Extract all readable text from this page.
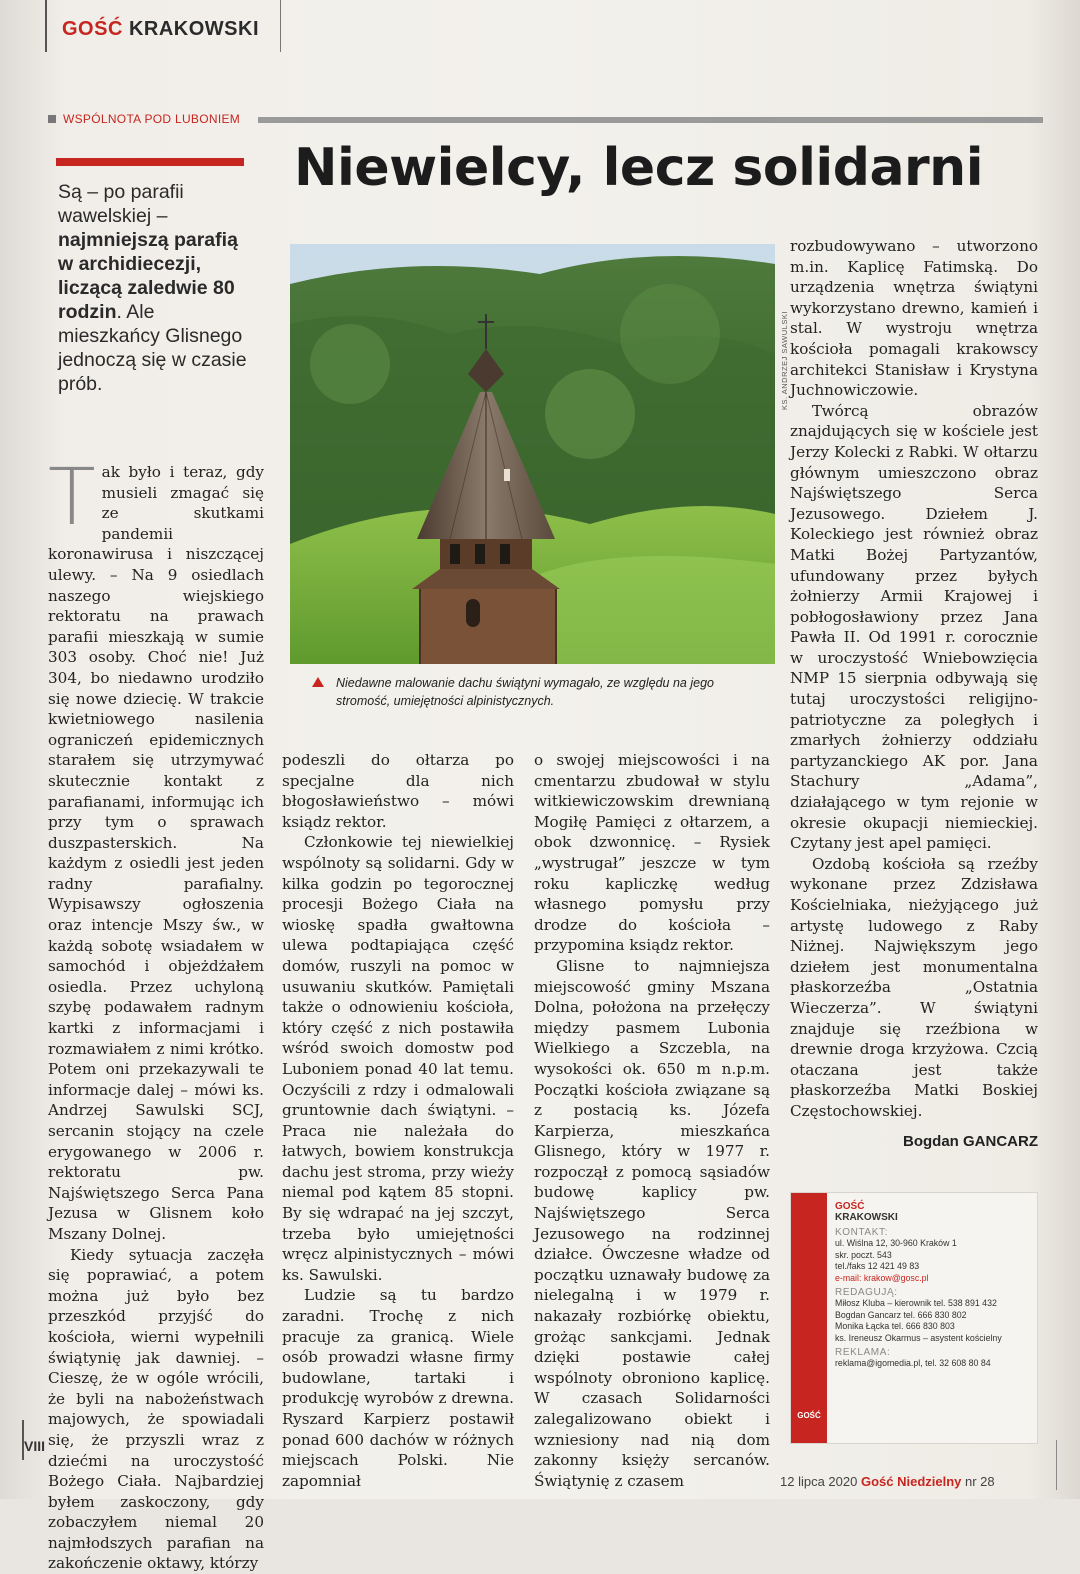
GOŚĆ KRAKOWSKI
WSPÓLNOTA POD LUBONIEM
Niewielcy, lecz solidarni
Są – po parafii wawelskiej – najmniejszą parafią w archidiecezji, liczącą zaledwie 80 rodzin. Ale mieszkańcy Glisnego jednoczą się w czasie prób.	KS. ANDRZEJ SAWULSKI
Niedawne malowanie dachu świątyni wymagało, ze względu na jego stromość, umiejętności alpinistycznych.

Tak było i teraz, gdy musieli zmagać się ze skutkami pandemii koronawirusa i niszczącej ulewy. – Na 9 osiedlach naszego wiejskiego rektoratu na prawach parafii mieszkają w sumie 303 osoby. Choć nie! Już 304, bo niedawno urodziło się nowe dziecię. W trakcie kwietniowego nasilenia ograniczeń epidemicznych starałem się utrzymywać skutecznie kontakt z parafianami, informując ich przy tym o sprawach duszpasterskich. Na każdym z osiedli jest jeden radny parafialny. Wypisawszy ogłoszenia oraz intencje Mszy św., w każdą sobotę wsiadałem w samochód i objeżdżałem osiedla. Przez uchyloną szybę podawałem radnym kartki z informacjami i rozmawiałem z nimi krótko. Potem oni przekazywali te informacje dalej – mówi ks. Andrzej Sawulski SCJ, sercanin stojący na czele erygowanego w 2006 r. rektoratu pw. Najświętszego Serca Pana Jezusa w Glisnem koło Mszany Dolnej.

Kiedy sytuacja zaczęła się poprawiać, a potem można już było bez przeszkód przyjść do kościoła, wierni wypełnili świątynię jak dawniej. – Cieszę, że w ogóle wrócili, że byli na nabożeństwach majowych, że spowiadali się, że przyszli wraz z dziećmi na uroczystość Bożego Ciała. Najbardziej byłem zaskoczony, gdy zobaczyłem niemal 20 najmłodszych parafian na zakończenie oktawy, którzy

podeszli do ołtarza po specjalne dla nich błogosławieństwo – mówi ksiądz rektor.

Członkowie tej niewielkiej wspólnoty są solidarni. Gdy w kilka godzin po tegorocznej procesji Bożego Ciała na wioskę spadła gwałtowna ulewa podtapiająca część domów, ruszyli na pomoc w usuwaniu skutków. Pamiętali także o odnowieniu kościoła, który część z nich postawiła wśród swoich domostw pod Luboniem ponad 40 lat temu. Oczyścili z rdzy i odmalowali gruntownie dach świątyni. – Praca nie należała do łatwych, bowiem konstrukcja dachu jest stroma, przy wieży niemal pod kątem 85 stopni. By się wdrapać na jej szczyt, trzeba było umiejętności wręcz alpinistycznych – mówi ks. Sawulski.

Ludzie są tu bardzo zaradni. Trochę z nich pracuje za granicą. Wiele osób prowadzi własne firmy budowlane, tartaki i produkcję wyrobów z drewna. Ryszard Karpierz postawił ponad 600 dachów w różnych miejscach Polski. Nie zapomniał

o swojej miejscowości i na cmentarzu zbudował w stylu witkiewiczowskim drewnianą Mogiłę Pamięci z ołtarzem, a obok dzwonnicę. – Rysiek „wystrugał” jeszcze w tym roku kapliczkę według własnego pomysłu przy drodze do kościoła – przypomina ksiądz rektor.

Glisne to najmniejsza miejscowość gminy Mszana Dolna, położona na przełęczy między pasmem Lubonia Wielkiego a Szczebla, na wysokości ok. 650 m n.p.m. Początki kościoła związane są z postacią ks. Józefa Karpierza, mieszkańca Glisnego, który w 1977 r. rozpoczął z pomocą sąsiadów budowę kaplicy pw. Najświętszego Serca Jezusowego na rodzinnej działce. Ówczesne władze od początku uznawały budowę za nielegalną i w 1979 r. nakazały rozbiórkę obiektu, grożąc sankcjami. Jednak dzięki postawie całej wspólnoty obroniono kaplicę. W czasach Solidarności zalegalizowano obiekt i wzniesiony nad nią dom zakonny księży sercanów. Świątynię z czasem

rozbudowywano – utworzono m.in. Kaplicę Fatimską. Do urządzenia wnętrza świątyni wykorzystano drewno, kamień i stal. W wystroju wnętrza kościoła pomagali krakowscy architekci Stanisław i Krystyna Juchnowiczowie.

Twórcą obrazów znajdujących się w kościele jest Jerzy Kolecki z Rabki. W ołtarzu głównym umieszczono obraz Najświętszego Serca Jezusowego. Dziełem J. Koleckiego jest również obraz Matki Bożej Partyzantów, ufundowany przez byłych żołnierzy Armii Krajowej i pobłogosławiony przez Jana Pawła II. Od 1991 r. corocznie w uroczystość Wniebowzięcia NMP 15 sierpnia odbywają się tutaj uroczystości religijno-patriotyczne za poległych i zmarłych żołnierzy oddziału partyzanckiego AK por. Jana Stachury „Adama”, działającego w tym rejonie w okresie okupacji niemieckiej. Czytany jest apel pamięci.

Ozdobą kościoła są rzeźby wykonane przez Zdzisława Kościelniaka, nieżyjącego już artystę ludowego z Raby Niżnej. Największym jego dziełem jest monumentalna płaskorzeźba „Ostatnia Wieczerza”. W świątyni znajduje się rzeźbiona w drewnie droga krzyżowa. Czcią otaczana jest także płaskorzeźba Matki Boskiej Częstochowskiej.

Bogdan GANCARZ
GOŚĆ
GOŚĆ
KRAKOWSKI
KONTAKT:
ul. Wiślna 12, 30-960 Kraków 1
skr. poczt. 543
tel./faks 12 421 49 83
e-mail: krakow@gosc.pl
REDAGUJĄ:
Miłosz Kluba – kierownik tel. 538 891 432
Bogdan Gancarz tel. 666 830 802
Monika Łącka tel. 666 830 803
ks. Ireneusz Okarmus – asystent kościelny
REKLAMA:
reklama@igomedia.pl, tel. 32 608 80 84
VIII
12 lipca 2020 Gość Niedzielny nr 28
